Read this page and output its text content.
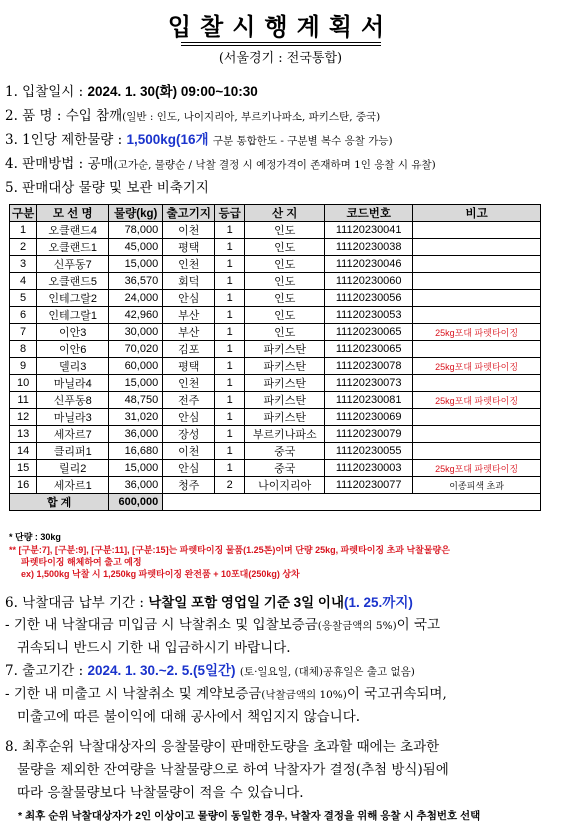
입찰시행계획서
(서울경기 : 전국통합)
1. 입찰일시 : 2024. 1. 30(화) 09:00~10:30
2. 품 명 : 수입 참깨(일반 : 인도, 나이지리아, 부르키나파소, 파키스탄, 중국)
3. 1인당 제한물량 : 1,500kg(16개 구분 통합한도 - 구분별 복수 응찰 가능)
4. 판매방법 : 공매(고가순, 물량순 / 낙찰 결정 시 예정가격이 존재하며 1인 응찰 시 유찰)
5. 판매대상 물량 및 보관 비축기지
구분	모 선 명	물량(kg)	출고기지	등급	산 지	코드번호	비고
1	오클랜드4	78,000	이천	1	인도	11120230041	
2	오클랜드1	45,000	평택	1	인도	11120230038	
3	신푸동7	15,000	인천	1	인도	11120230046	
4	오클랜드5	36,570	회덕	1	인도	11120230060	
5	인테그랄2	24,000	안심	1	인도	11120230056	
6	인테그랄1	42,960	부산	1	인도	11120230053	
7	이안3	30,000	부산	1	인도	11120230065	25kg포대 파렛타이징
8	이안6	70,020	김포	1	파키스탄	11120230065	
9	델리3	60,000	평택	1	파키스탄	11120230078	25kg포대 파렛타이징
10	마닐라4	15,000	인천	1	파키스탄	11120230073	
11	신푸동8	48,750	전주	1	파키스탄	11120230081	25kg포대 파렛타이징
12	마닐라3	31,020	안심	1	파키스탄	11120230069	
13	세자르7	36,000	장성	1	부르키나파소	11120230079	
14	클리퍼1	16,680	이천	1	중국	11120230055	
15	릴리2	15,000	안심	1	중국	11120230003	25kg포대 파렛타이징
16	세자르1	36,000	청주	2	나이지리아	11120230077	이종피색 초과
합 계		600,000					
* 단량 : 30kg
** [구분:7], [구분:9], [구분:11], [구분:15]는 파렛타이징 물품(1.25톤)이며 단량 25kg, 파렛타이징 초과 낙찰물량은
파렛타이징 해체하여 출고 예정
ex) 1,500kg 낙찰 시 1,250kg 파렛타이징 완전품 + 10포대(250kg) 상차
6. 낙찰대금 납부 기간 : 낙찰일 포함 영업일 기준 3일 이내(1. 25.까지)
- 기한 내 낙찰대금 미입금 시 낙찰취소 및 입찰보증금(응찰금액의 5%)이 국고
귀속되니 반드시 기한 내 입금하시기 바랍니다.
7. 출고기간 : 2024. 1. 30.~2. 5.(5일간) (토·일요일, (대체)공휴일은 출고 없음)
- 기한 내 미출고 시 낙찰취소 및 계약보증금(낙찰금액의 10%)이 국고귀속되며,
미출고에 따른 불이익에 대해 공사에서 책임지지 않습니다.
8. 최후순위 낙찰대상자의 응찰물량이 판매한도량을 초과할 때에는 초과한
물량을 제외한 잔여량을 낙찰물량으로 하여 낙찰자가 결정(추첨 방식)됨에
따라 응찰물량보다 낙찰물량이 적을 수 있습니다.
* 최후 순위 낙찰대상자가 2인 이상이고 물량이 동일한 경우, 낙찰자 결정을 위해 응찰 시 추첨번호 선택
